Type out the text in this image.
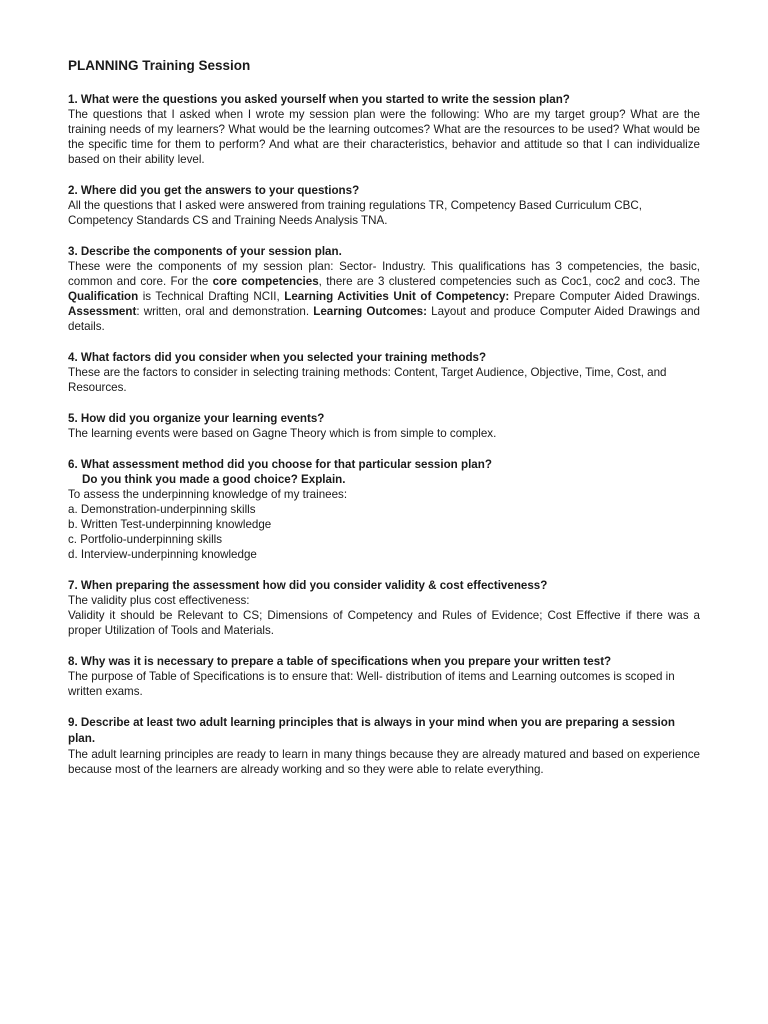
PLANNING Training Session

1. What were the questions you asked yourself when you started to write the session plan?

The questions that I asked when I wrote my session plan were the following: Who are my target group? What are the training needs of my learners? What would be the learning outcomes? What are the resources to be used? What would be the specific time for them to perform? And what are their characteristics, behavior and attitude so that I can individualize based on their ability level.

2. Where did you get the answers to your questions?

All the questions that I asked were answered from training regulations TR, Competency Based Curriculum CBC, Competency Standards CS and Training Needs Analysis TNA.

3. Describe the components of your session plan.

These were the components of my session plan: Sector- Industry. This qualifications has 3 competencies, the basic, common and core. For the core competencies, there are 3 clustered competencies such as Coc1, coc2 and coc3. The Qualification is Technical Drafting NCII, Learning Activities Unit of Competency: Prepare Computer Aided Drawings. Assessment: written, oral and demonstration. Learning Outcomes: Layout and produce Computer Aided Drawings and details.

4. What factors did you consider when you selected your training methods?

These are the factors to consider in selecting training methods: Content, Target Audience, Objective, Time, Cost, and Resources.

5. How did you organize your learning events?

The learning events were based on Gagne Theory which is from simple to complex.

6. What assessment method did you choose for that particular session plan?

Do you think you made a good choice? Explain.

To assess the underpinning knowledge of my trainees:

a. Demonstration-underpinning skills

b. Written Test-underpinning knowledge

c. Portfolio-underpinning skills

d. Interview-underpinning knowledge

7. When preparing the assessment how did you consider validity & cost effectiveness?

The validity plus cost effectiveness:

Validity it should be Relevant to CS; Dimensions of Competency and Rules of Evidence; Cost Effective if there was a proper Utilization of Tools and Materials.

8. Why was it is necessary to prepare a table of specifications when you prepare your written test?

The purpose of Table of Specifications is to ensure that: Well- distribution of items and Learning outcomes is scoped in written exams.

9. Describe at least two adult learning principles that is always in your mind when you are preparing a session plan.

The adult learning principles are ready to learn in many things because they are already matured and based on experience because most of the learners are already working and so they were able to relate everything.
